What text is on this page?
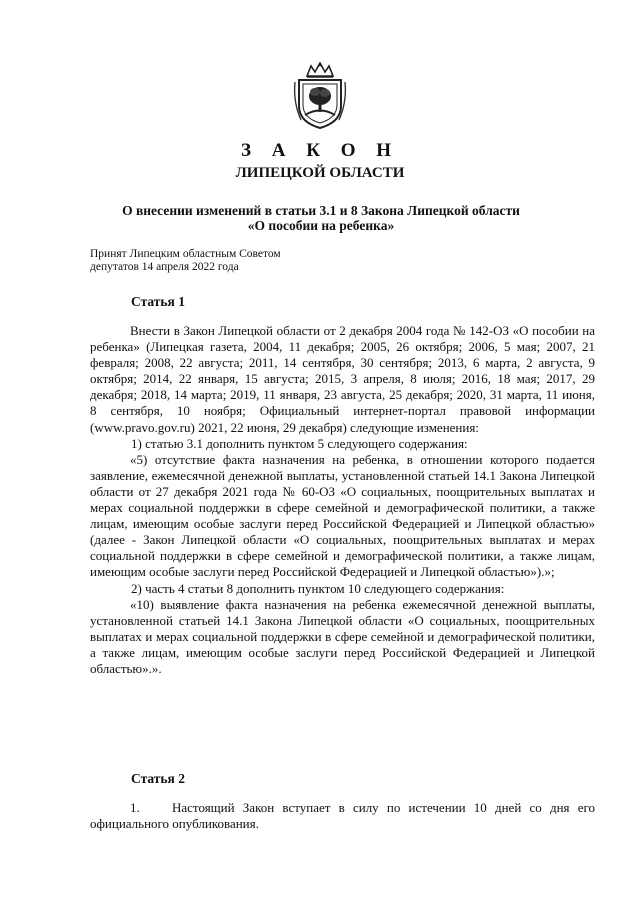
З А К О Н
ЛИПЕЦКОЙ ОБЛАСТИ
О внесении изменений в статьи 3.1 и 8 Закона Липецкой области
«О пособии на ребенка»
Принят Липецким областным Советом
депутатов 14 апреля 2022 года
Статья 1

Внести в Закон Липецкой области от 2 декабря 2004 года № 142-ОЗ «О пособии на ребенка» (Липецкая газета, 2004, 11 декабря; 2005, 26 октября; 2006, 5 мая; 2007, 21 февраля; 2008, 22 августа; 2011, 14 сентября, 30 сентября; 2013, 6 марта, 2 августа, 9 октября; 2014, 22 января, 15 августа; 2015, 3 апреля, 8 июля; 2016, 18 мая; 2017, 29 декабря; 2018, 14 марта; 2019, 11 января, 23 августа, 25 декабря; 2020, 31 марта, 11 июня, 8 сентября, 10 ноября; Официальный интернет-портал правовой информации (www.pravo.gov.ru) 2021, 22 июня, 29 декабря) следующие изменения:

1) статью 3.1 дополнить пунктом 5 следующего содержания:

«5) отсутствие факта назначения на ребенка, в отношении которого подается заявление, ежемесячной денежной выплаты, установленной статьей 14.1 Закона Липецкой области от 27 декабря 2021 года № 60-ОЗ «О социальных, поощрительных выплатах и мерах социальной поддержки в сфере семейной и демографической политики, а также лицам, имеющим особые заслуги перед Российской Федерацией и Липецкой областью» (далее - Закон Липецкой области «О социальных, поощрительных выплатах и мерах социальной поддержки в сфере семейной и демографической политики, а также лицам, имеющим особые заслуги перед Российской Федерацией и Липецкой областью»).»;

2) часть 4 статьи 8 дополнить пунктом 10 следующего содержания:

«10) выявление факта назначения на ребенка ежемесячной денежной выплаты, установленной статьей 14.1 Закона Липецкой области «О социальных, поощрительных выплатах и мерах социальной поддержки в сфере семейной и демографической политики, а также лицам, имеющим особые заслуги перед Российской Федерацией и Липецкой областью».».

Статья 2

1. Настоящий Закон вступает в силу по истечении 10 дней со дня его официального опубликования.
